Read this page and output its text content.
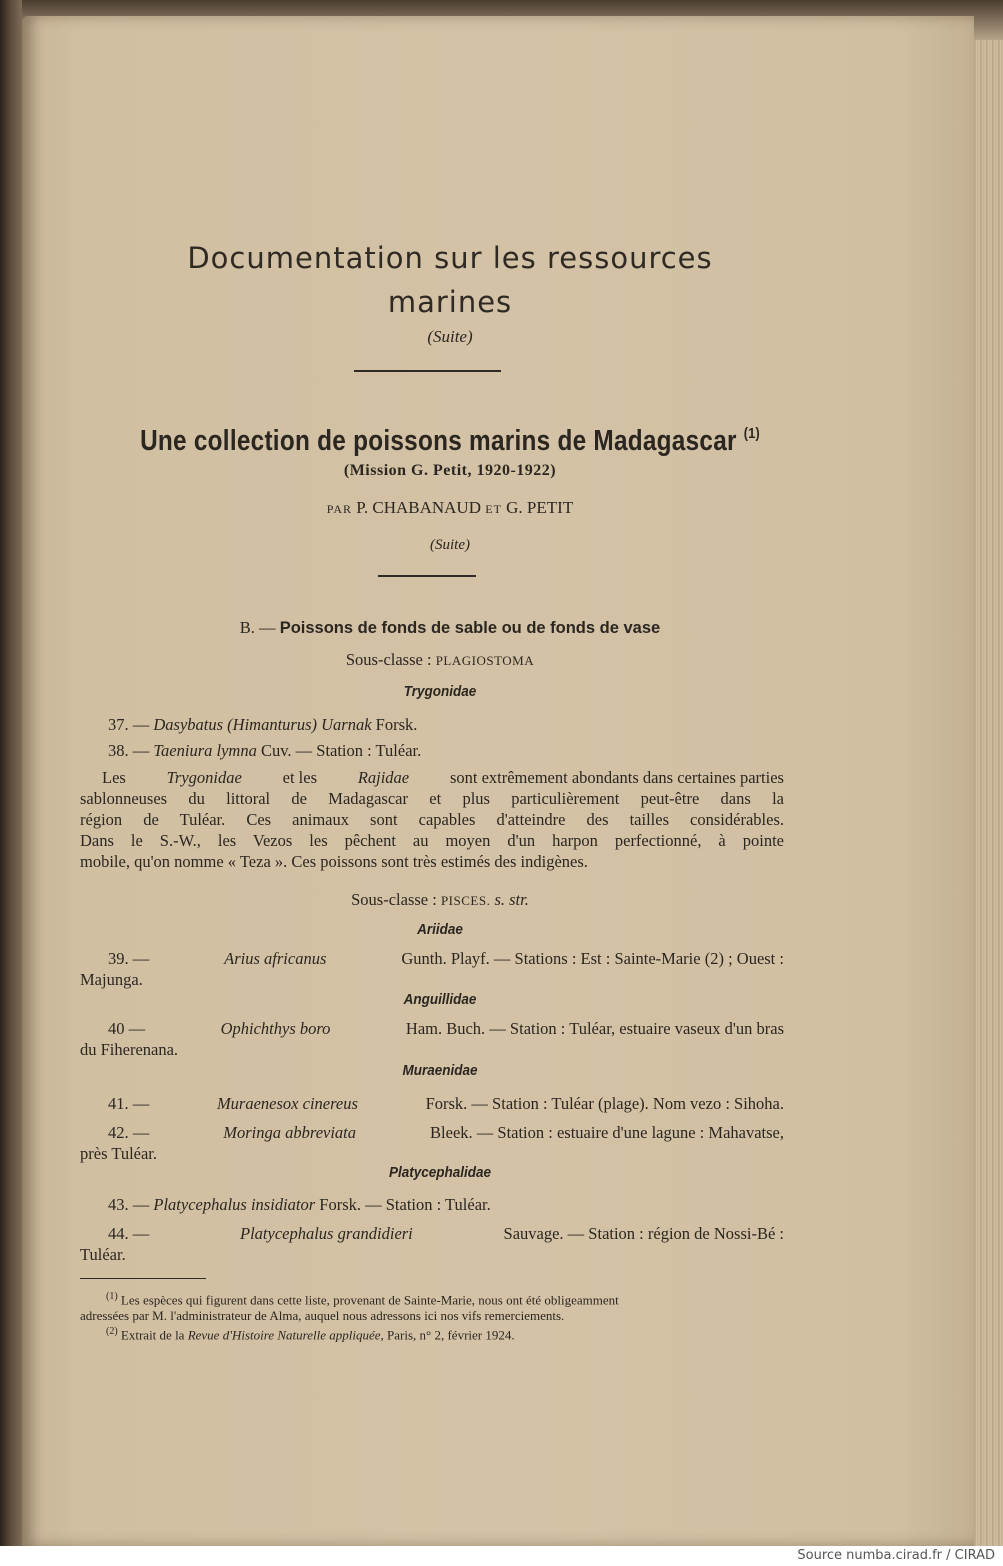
Documentation sur les ressources
marines
(Suite)
Une collection de poissons marins de Madagascar $^{(1)}$
(Mission G. Petit, 1920-1922)
PAR P. CHABANAUD ET G. PETIT
(Suite)
B. — Poissons de fonds de sable ou de fonds de vase
Sous-classe : PLAGIOSTOMA
Trygonidae
37. — Dasybatus (Himanturus) Uarnak Forsk.
38. — Taeniura lymna Cuv. — Station : Tuléar.
Les Trygonidae et les Rajidae sont extrêmement abondants dans certaines parties
sablonneuses du littoral de Madagascar et plus particulièrement peut-être dans la
région de Tuléar. Ces animaux sont capables d'atteindre des tailles considérables.
Dans le S.-W., les Vezos les pêchent au moyen d'un harpon perfectionné, à pointe
mobile, qu'on nomme « Teza ». Ces poissons sont très estimés des indigènes.
Sous-classe : PISCES. s. str.
Ariidae
39. —	Arius africanus	Gunth. Playf. — Stations : Est : Sainte-Marie (2) ; Ouest :
Majunga.
Anguillidae
40 —	Ophichthys boro	Ham. Buch. — Station : Tuléar, estuaire vaseux d'un bras
du Fiherenana.
Muraenidae
41. —	Muraenesox cinereus	Forsk. — Station : Tuléar (plage). Nom vezo : Sihoha.
42. —	Moringa abbreviata	Bleek. — Station : estuaire d'une lagune : Mahavatse,
près Tuléar.
Platycephalidae
43. — Platycephalus insidiator Forsk. — Station : Tuléar.
44. —	Platycephalus grandidieri	Sauvage. — Station : région de Nossi-Bé :
Tuléar.
$^{(1)}$ Les espèces qui figurent dans cette liste, provenant de Sainte-Marie, nous ont été obligeamment
adressées par M. l'administrateur de Alma, auquel nous adressons ici nos vifs remerciements.
$^{(2)}$ Extrait de la Revue d'Histoire Naturelle appliquée, Paris, n° 2, février 1924.
Source numba.cirad.fr / CIRAD
